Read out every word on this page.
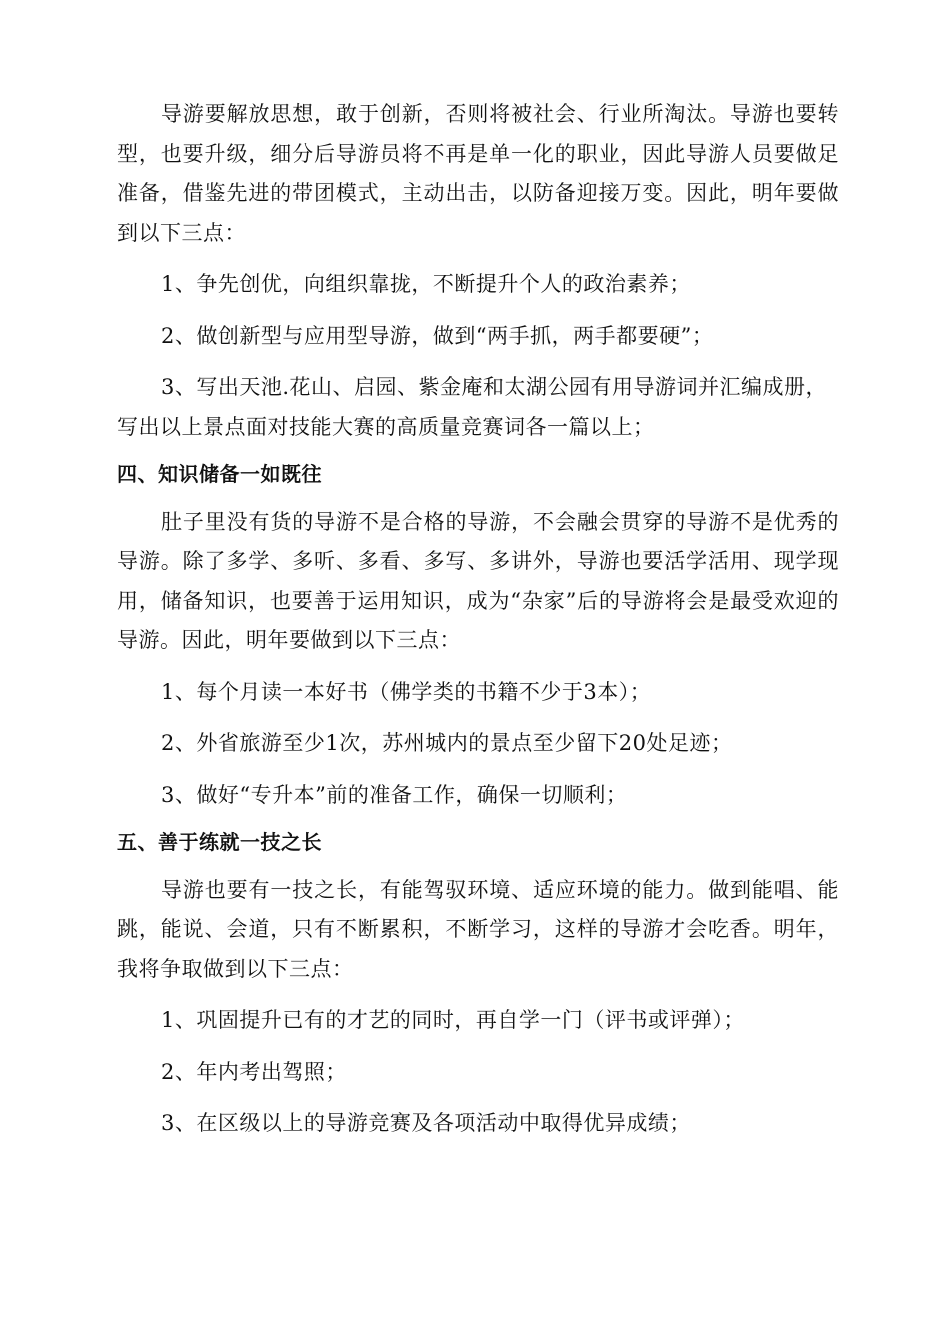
导游要解放思想，敢于创新，否则将被社会、行业所淘汰。导游也要转型，也要升级，细分后导游员将不再是单一化的职业，因此导游人员要做足准备，借鉴先进的带团模式，主动出击，以防备迎接万变。因此，明年要做到以下三点：

1、争先创优，向组织靠拢，不断提升个人的政治素养；

2、做创新型与应用型导游，做到“两手抓，两手都要硬”；

3、写出天池.花山、启园、紫金庵和太湖公园有用导游词并汇编成册，写出以上景点面对技能大赛的高质量竞赛词各一篇以上；

四、知识储备一如既往

肚子里没有货的导游不是合格的导游，不会融会贯穿的导游不是优秀的导游。除了多学、多听、多看、多写、多讲外，导游也要活学活用、现学现用，储备知识，也要善于运用知识，成为“杂家”后的导游将会是最受欢迎的导游。因此，明年要做到以下三点：

1、每个月读一本好书（佛学类的书籍不少于3本）；

2、外省旅游至少1次，苏州城内的景点至少留下20处足迹；

3、做好“专升本”前的准备工作，确保一切顺利；

五、善于练就一技之长

导游也要有一技之长，有能驾驭环境、适应环境的能力。做到能唱、能跳，能说、会道，只有不断累积，不断学习，这样的导游才会吃香。明年，我将争取做到以下三点：

1、巩固提升已有的才艺的同时，再自学一门（评书或评弹）；

2、年内考出驾照；

3、在区级以上的导游竞赛及各项活动中取得优异成绩；
